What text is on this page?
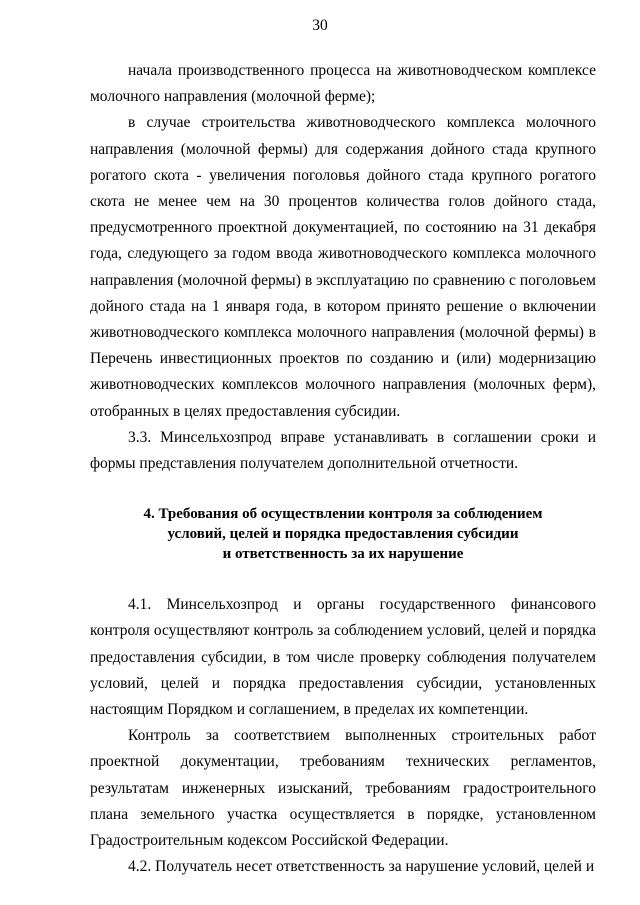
30

начала производственного процесса на животноводческом комплексе молочного направления (молочной ферме);

в случае строительства животноводческого комплекса молочного направления (молочной фермы) для содержания дойного стада крупного рогатого скота - увеличения поголовья дойного стада крупного рогатого скота не менее чем на 30 процентов количества голов дойного стада, предусмотренного проектной документацией, по состоянию на 31 декабря года, следующего за годом ввода животноводческого комплекса молочного направления (молочной фермы) в эксплуатацию по сравнению с поголовьем дойного стада на 1 января года, в котором принято решение о включении животноводческого комплекса молочного направления (молочной фермы) в Перечень инвестиционных проектов по созданию и (или) модернизацию животноводческих комплексов молочного направления (молочных ферм), отобранных в целях предоставления субсидии.

3.3. Минсельхозпрод вправе устанавливать в соглашении сроки и формы представления получателем дополнительной отчетности.

4. Требования об осуществлении контроля за соблюдением
условий, целей и порядка предоставления субсидии
и ответственность за их нарушение

4.1. Минсельхозпрод и органы государственного финансового контроля осуществляют контроль за соблюдением условий, целей и порядка предоставления субсидии, в том числе проверку соблюдения получателем условий, целей и порядка предоставления субсидии, установленных настоящим Порядком и соглашением, в пределах их компетенции.

Контроль за соответствием выполненных строительных работ проектной документации, требованиям технических регламентов, результатам инженерных изысканий, требованиям градостроительного плана земельного участка осуществляется в порядке, установленном Градостроительным кодексом Российской Федерации.

4.2. Получатель несет ответственность за нарушение условий, целей и
